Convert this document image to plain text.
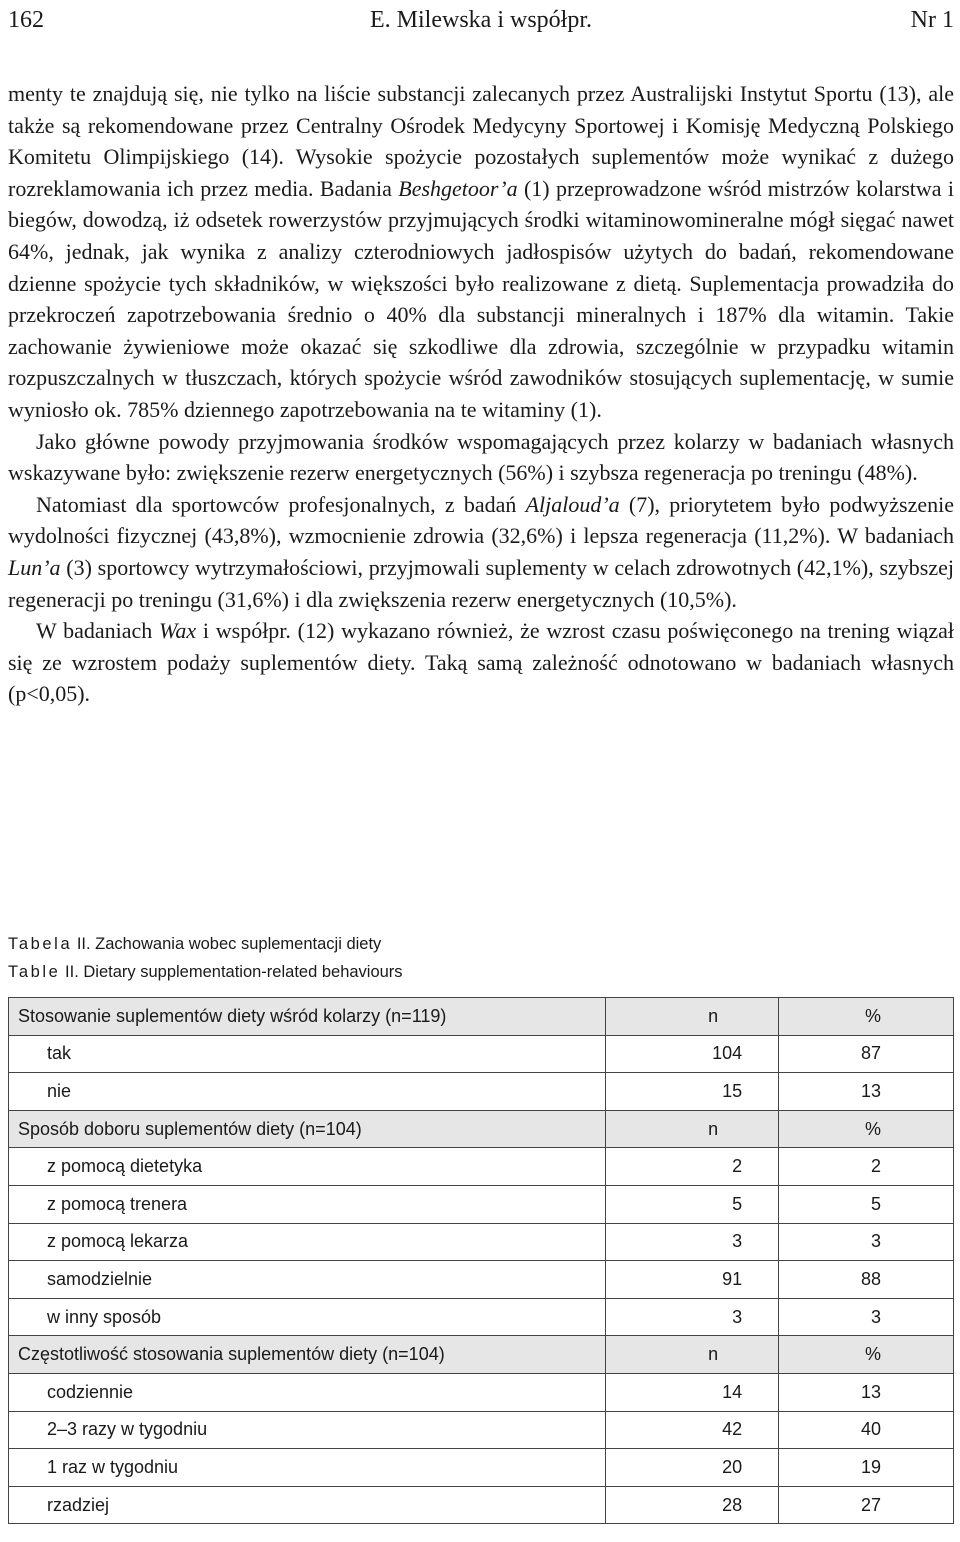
162	E. Milewska i współpr.	Nr 1

menty te znajdują się, nie tylko na liście substancji zalecanych przez Australijski Instytut Sportu (13), ale także są rekomendowane przez Centralny Ośrodek Medycyny Sportowej i Komisję Medyczną Polskiego Komitetu Olimpijskiego (14). Wysokie spożycie pozostałych suplementów może wynikać z dużego rozreklamowania ich przez media. Badania Beshgetoor’a (1) przeprowadzone wśród mistrzów kolarstwa i biegów, dowodzą, iż odsetek rowerzystów przyjmujących środki witaminowomineralne mógł sięgać nawet 64%, jednak, jak wynika z analizy czterodniowych jadłospisów użytych do badań, rekomendowane dzienne spożycie tych składników, w większości było realizowane z dietą. Suplementacja prowadziła do przekroczeń zapotrzebowania średnio o 40% dla substancji mineralnych i 187% dla witamin. Takie zachowanie żywieniowe może okazać się szkodliwe dla zdrowia, szczególnie w przypadku witamin rozpuszczalnych w tłuszczach, których spożycie wśród zawodników stosujących suplementację, w sumie wyniosło ok. 785% dziennego zapotrzebowania na te witaminy (1).

Jako główne powody przyjmowania środków wspomagających przez kolarzy w badaniach własnych wskazywane było: zwiększenie rezerw energetycznych (56%) i szybsza regeneracja po treningu (48%).

Natomiast dla sportowców profesjonalnych, z badań Aljaloud’a (7), priorytetem było podwyższenie wydolności fizycznej (43,8%), wzmocnienie zdrowia (32,6%) i lepsza regeneracja (11,2%). W badaniach Lun’a (3) sportowcy wytrzymałościowi, przyjmowali suplementy w celach zdrowotnych (42,1%), szybszej regeneracji po treningu (31,6%) i dla zwiększenia rezerw energetycznych (10,5%).

W badaniach Wax i współpr. (12) wykazano również, że wzrost czasu poświęconego na trening wiązał się ze wzrostem podaży suplementów diety. Taką samą zależność odnotowano w badaniach własnych (p<0,05).

Tabela II. Zachowania wobec suplementacji diety
Table II. Dietary supplementation-related behaviours
Stosowanie suplementów diety wśród kolarzy (n=119)	n	%
tak	104	87
nie	15	13
Sposób doboru suplementów diety (n=104)	n	%
z pomocą dietetyka	2	2
z pomocą trenera	5	5
z pomocą lekarza	3	3
samodzielnie	91	88
w inny sposób	3	3
Częstotliwość stosowania suplementów diety (n=104)	n	%
codziennie	14	13
2–3 razy w tygodniu	42	40
1 raz w tygodniu	20	19
rzadziej	28	27
